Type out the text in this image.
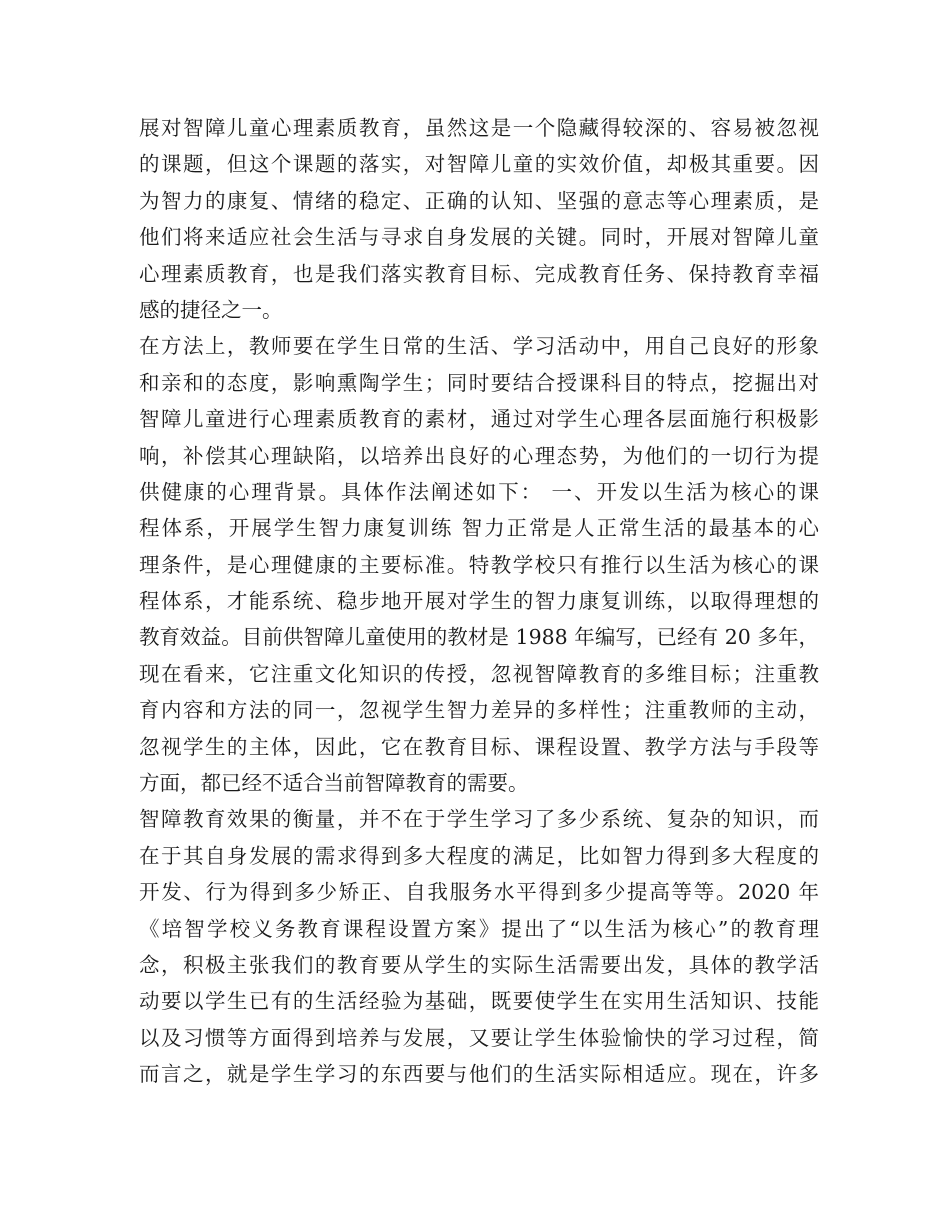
展对智障儿童心理素质教育，虽然这是一个隐藏得较深的、容易被忽视
的课题，但这个课题的落实，对智障儿童的实效价值，却极其重要。因
为智力的康复、情绪的稳定、正确的认知、坚强的意志等心理素质，是
他们将来适应社会生活与寻求自身发展的关键。同时，开展对智障儿童
心理素质教育，也是我们落实教育目标、完成教育任务、保持教育幸福
感的捷径之一。
在方法上，教师要在学生日常的生活、学习活动中，用自己良好的形象
和亲和的态度，影响熏陶学生；同时要结合授课科目的特点，挖掘出对
智障儿童进行心理素质教育的素材，通过对学生心理各层面施行积极影
响，补偿其心理缺陷，以培养出良好的心理态势，为他们的一切行为提
供健康的心理背景。具体作法阐述如下： 一、开发以生活为核心的课
程体系，开展学生智力康复训练 智力正常是人正常生活的最基本的心
理条件，是心理健康的主要标准。特教学校只有推行以生活为核心的课
程体系，才能系统、稳步地开展对学生的智力康复训练，以取得理想的
教育效益。目前供智障儿童使用的教材是 1988 年编写，已经有 20 多年，
现在看来，它注重文化知识的传授，忽视智障教育的多维目标；注重教
育内容和方法的同一，忽视学生智力差异的多样性；注重教师的主动，
忽视学生的主体，因此，它在教育目标、课程设置、教学方法与手段等
方面，都已经不适合当前智障教育的需要。
智障教育效果的衡量，并不在于学生学习了多少系统、复杂的知识，而
在于其自身发展的需求得到多大程度的满足，比如智力得到多大程度的
开发、行为得到多少矫正、自我服务水平得到多少提高等等。2020 年
《培智学校义务教育课程设置方案》提出了“以生活为核心”的教育理
念，积极主张我们的教育要从学生的实际生活需要出发，具体的教学活
动要以学生已有的生活经验为基础，既要使学生在实用生活知识、技能
以及习惯等方面得到培养与发展，又要让学生体验愉快的学习过程，简
而言之，就是学生学习的东西要与他们的生活实际相适应。现在，许多
